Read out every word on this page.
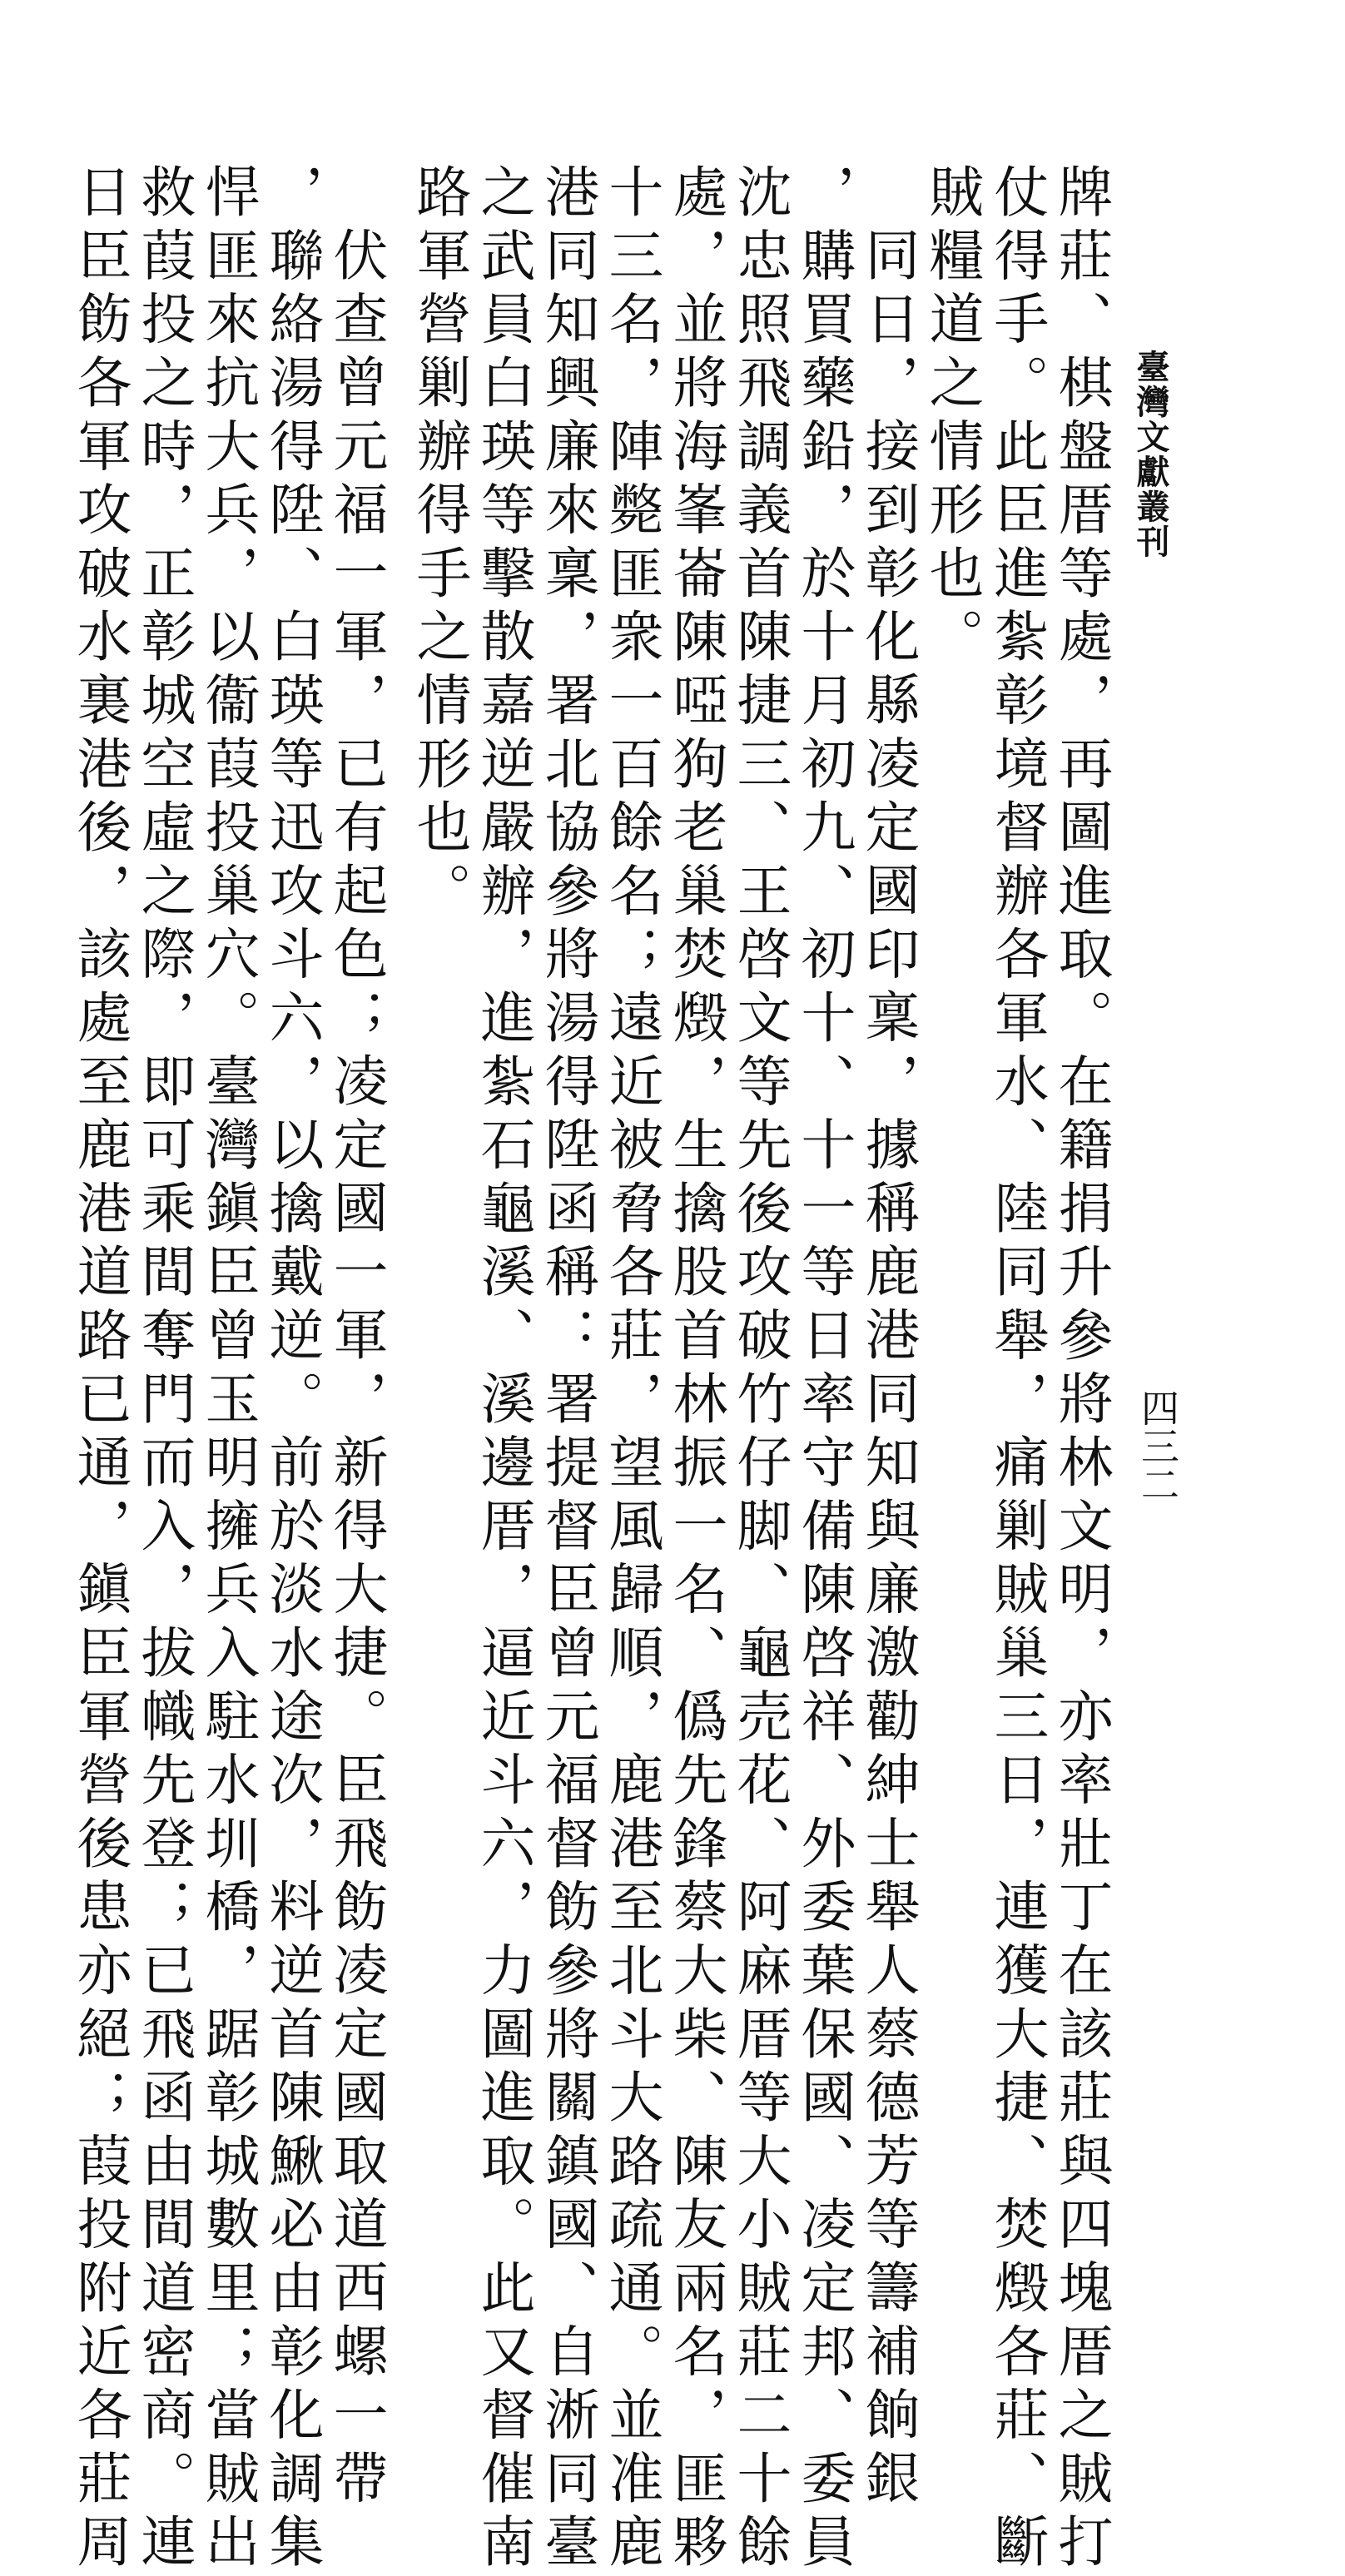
臺灣文獻叢刊
四三二
牌莊、棋盤厝等處，再圖進取。在籍捐升參將林文明，亦率壯丁在該莊與四塊厝之賊打
仗得手。此臣進紮彰境督辦各軍水、陸同舉，痛剿賊巢三日，連獲大捷、焚燬各莊、斷
賊糧道之情形也。
同日，接到彰化縣凌定國印稟，據稱鹿港同知與廉激勸紳士舉人蔡德芳等籌補餉銀
，購買藥鉛，於十月初九、初十、十一等日率守備陳啓祥、外委葉保國、凌定邦、委員
沈忠照飛調義首陳捷三、王啓文等先後攻破竹仔脚、龜売花、阿麻厝等大小賊莊二十餘
處，並將海峯崙陳啞狗老巢焚燬，生擒股首林振一名、僞先鋒蔡大柴、陳友兩名，匪夥
十三名，陣斃匪衆一百餘名；遠近被脅各莊，望風歸順，鹿港至北斗大路疏通。並准鹿
港同知興廉來稟，署北協參將湯得陞函稱：署提督臣曾元福督飭參將關鎮國、自淅同臺
之武員白瑛等擊散嘉逆嚴辦，進紮石龜溪、溪邊厝，逼近斗六，力圖進取。此又督催南
路軍營剿辦得手之情形也。
伏查曾元福一軍，已有起色；凌定國一軍，新得大捷。臣飛飭凌定國取道西螺一帶
，聯絡湯得陞、白瑛等迅攻斗六，以擒戴逆。前於淡水途次，料逆首陳鰍必由彰化調集
悍匪來抗大兵，以衞葭投巢穴。臺灣鎭臣曾玉明擁兵入駐水圳橋，踞彰城數里；當賊出
救葭投之時，正彰城空虛之際，即可乘間奪門而入，拔幟先登；已飛函由間道密商。連
日臣飭各軍攻破水裏港後，該處至鹿港道路已通，鎭臣軍營後患亦絕；葭投附近各莊周
